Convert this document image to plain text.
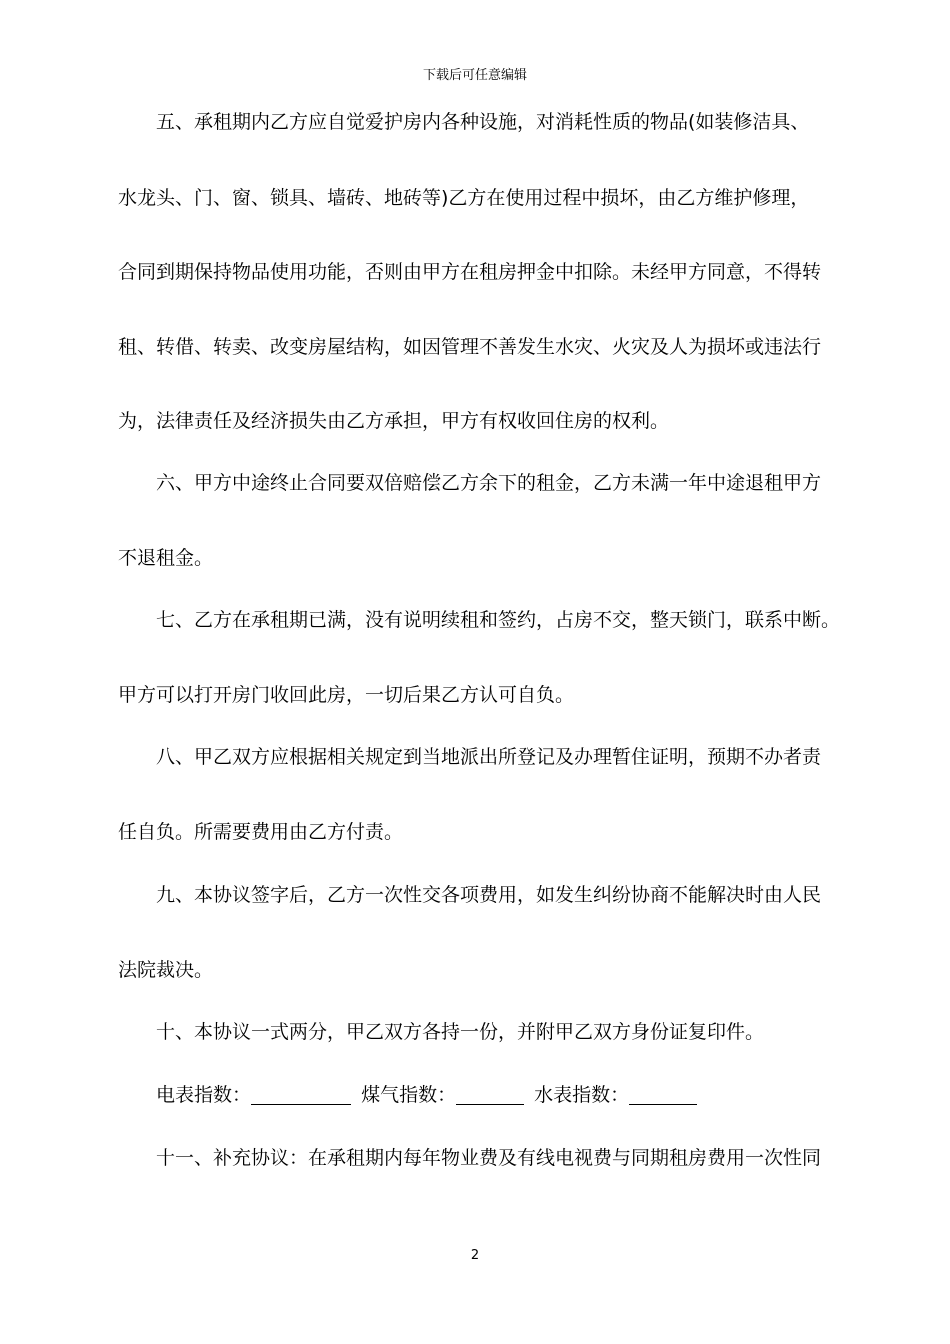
下载后可任意编辑
五、承租期内乙方应自觉爱护房内各种设施，对消耗性质的物品(如装修洁具、
水龙头、门、窗、锁具、墙砖、地砖等)乙方在使用过程中损坏，由乙方维护修理，
合同到期保持物品使用功能，否则由甲方在租房押金中扣除。未经甲方同意，不得转
租、转借、转卖、改变房屋结构，如因管理不善发生水灾、火灾及人为损坏或违法行
为，法律责任及经济损失由乙方承担，甲方有权收回住房的权利。
六、甲方中途终止合同要双倍赔偿乙方余下的租金，乙方未满一年中途退租甲方
不退租金。
七、乙方在承租期已满，没有说明续租和签约，占房不交，整天锁门，联系中断。
甲方可以打开房门收回此房，一切后果乙方认可自负。
八、甲乙双方应根据相关规定到当地派出所登记及办理暂住证明，预期不办者责
任自负。所需要费用由乙方付责。
九、本协议签字后，乙方一次性交各项费用，如发生纠纷协商不能解决时由人民
法院裁决。
十、本协议一式两分，甲乙双方各持一份，并附甲乙双方身份证复印件。
电表指数：	煤气指数：	水表指数：
十一、补充协议：在承租期内每年物业费及有线电视费与同期租房费用一次性同
2
